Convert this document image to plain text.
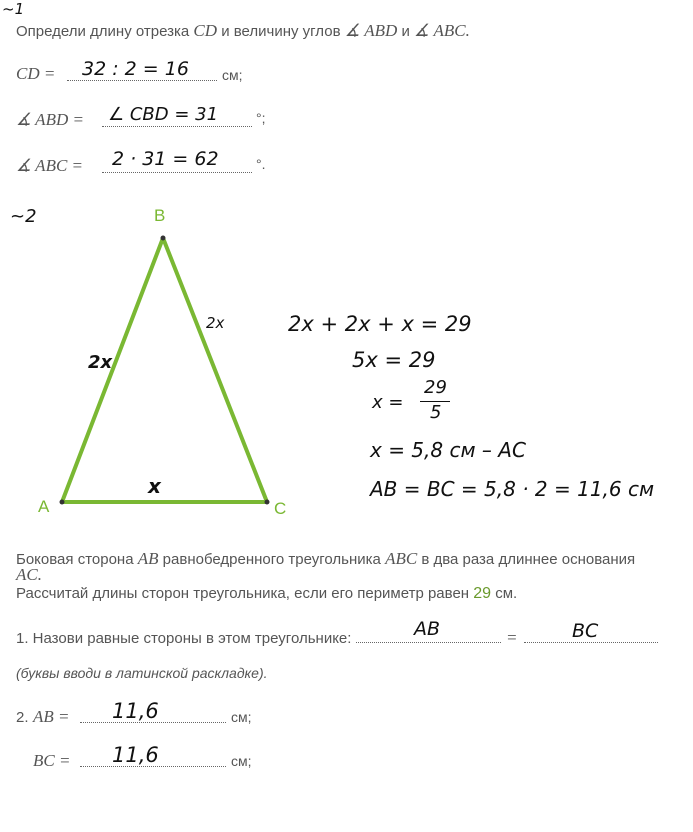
~1
Определи длину отрезка CD и величину углов ∡ ABD и ∡ ABC.
CD = 32 : 2 = 16 см;
∡ ABD = ∠ CBD = 31	°;
∡ ABC = 2 · 31 = 62	°.
~2	B
A	C
2x
2x
x
2x + 2x + x = 29
5x = 29
x =
29
5
x = 5,8 см – AC
AB = BC = 5,8 · 2 = 11,6 см
Боковая сторона AB равнобедренного треугольника ABC в два раза длиннее основания
AC.
Рассчитай длины сторон треугольника, если его периметр равен 29 см.
1. Назови равные стороны в этом треугольнике:	AB	=	BC
(буквы вводи в латинской раскладке).
2. AB = 11,6	см;
BC = 11,6	см;
